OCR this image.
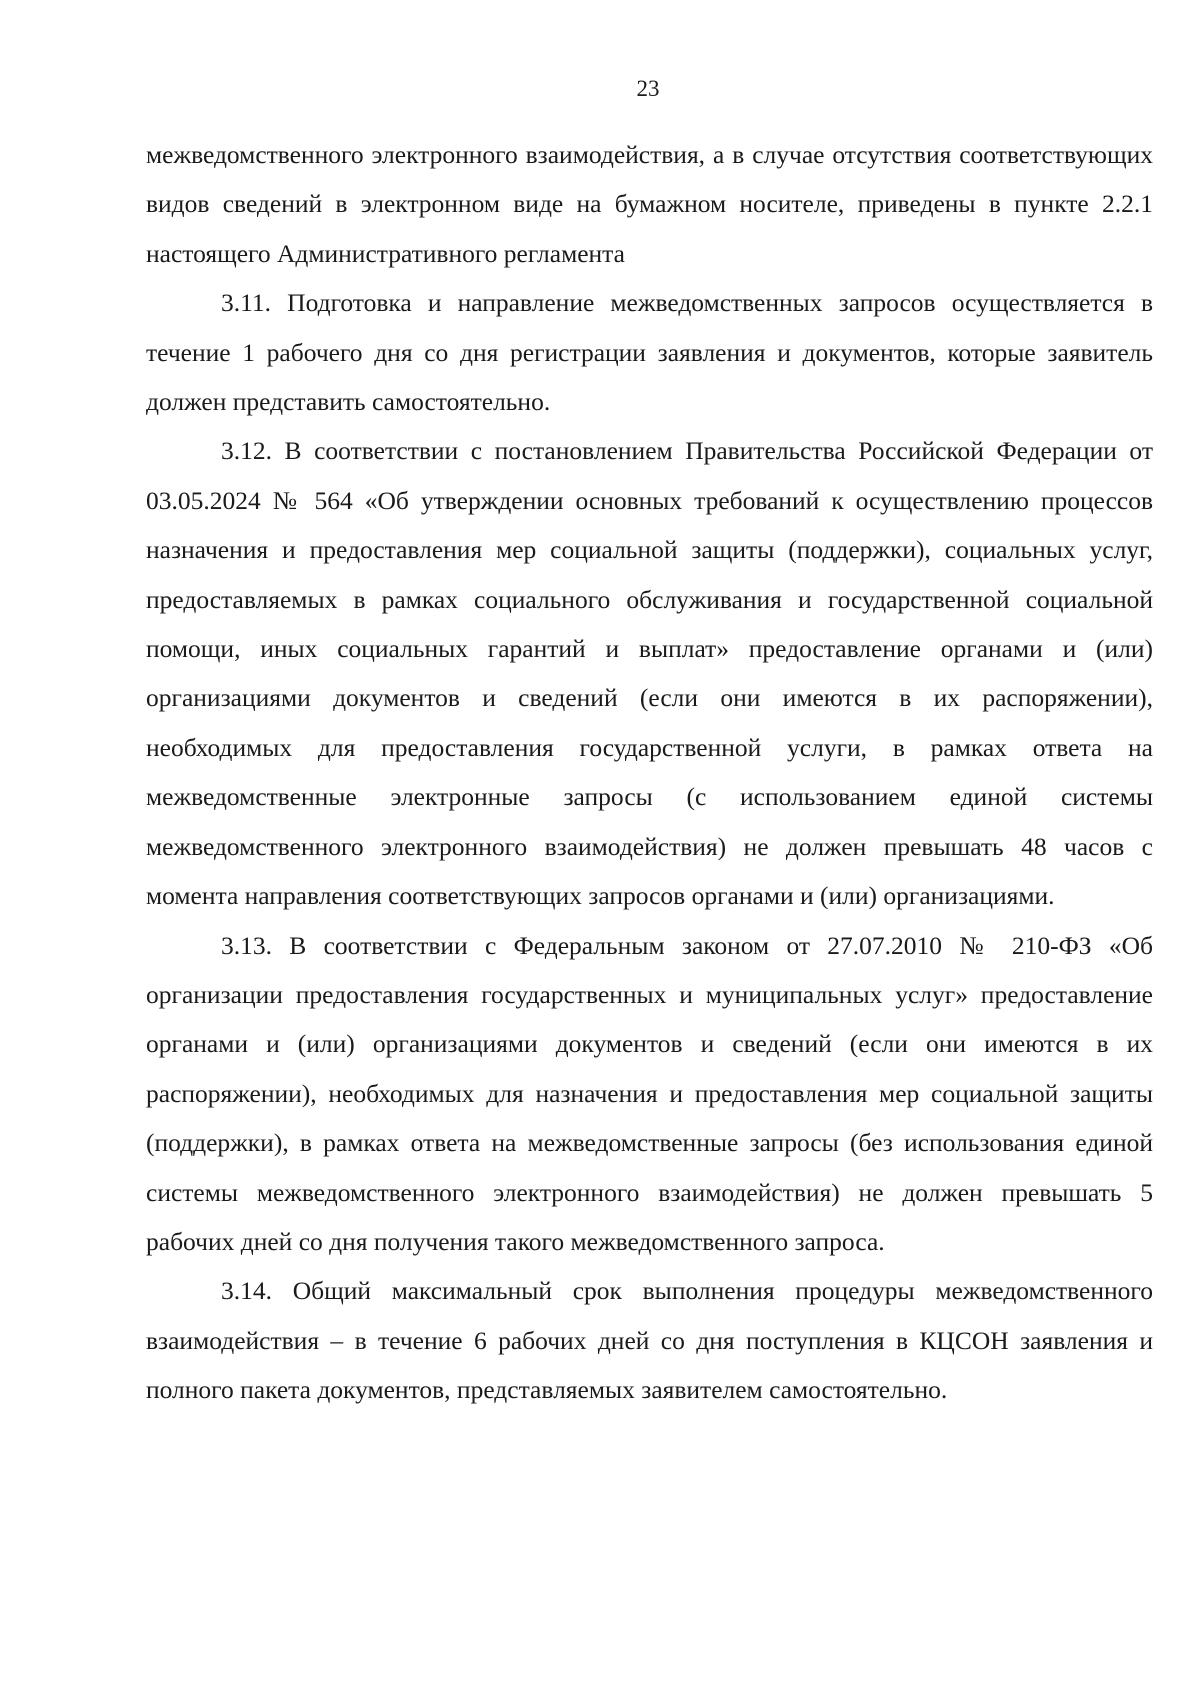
23

межведомственного электронного взаимодействия, а в случае отсутствия соответствующих видов сведений в электронном виде на бумажном носителе, приведены в пункте 2.2.1 настоящего Административного регламента

3.11. Подготовка и направление межведомственных запросов осуществляется в течение 1 рабочего дня со дня регистрации заявления и документов, которые заявитель должен представить самостоятельно.

3.12. В соответствии с постановлением Правительства Российской Федерации от 03.05.2024 № 564 «Об утверждении основных требований к осуществлению процессов назначения и предоставления мер социальной защиты (поддержки), социальных услуг, предоставляемых в рамках социального обслуживания и государственной социальной помощи, иных социальных гарантий и выплат» предоставление органами и (или) организациями документов и сведений (если они имеются в их распоряжении), необходимых для предоставления государственной услуги, в рамках ответа на межведомственные электронные запросы (с использованием единой системы межведомственного электронного взаимодействия) не должен превышать 48 часов с момента направления соответствующих запросов органами и (или) организациями.

3.13. В соответствии с Федеральным законом от 27.07.2010 № 210-ФЗ «Об организации предоставления государственных и муниципальных услуг» предоставление органами и (или) организациями документов и сведений (если они имеются в их распоряжении), необходимых для назначения и предоставления мер социальной защиты (поддержки), в рамках ответа на межведомственные запросы (без использования единой системы межведомственного электронного взаимодействия) не должен превышать 5 рабочих дней со дня получения такого межведомственного запроса.

3.14. Общий максимальный срок выполнения процедуры межведомственного взаимодействия – в течение 6 рабочих дней со дня поступления в КЦСОН заявления и полного пакета документов, представляемых заявителем самостоятельно.
